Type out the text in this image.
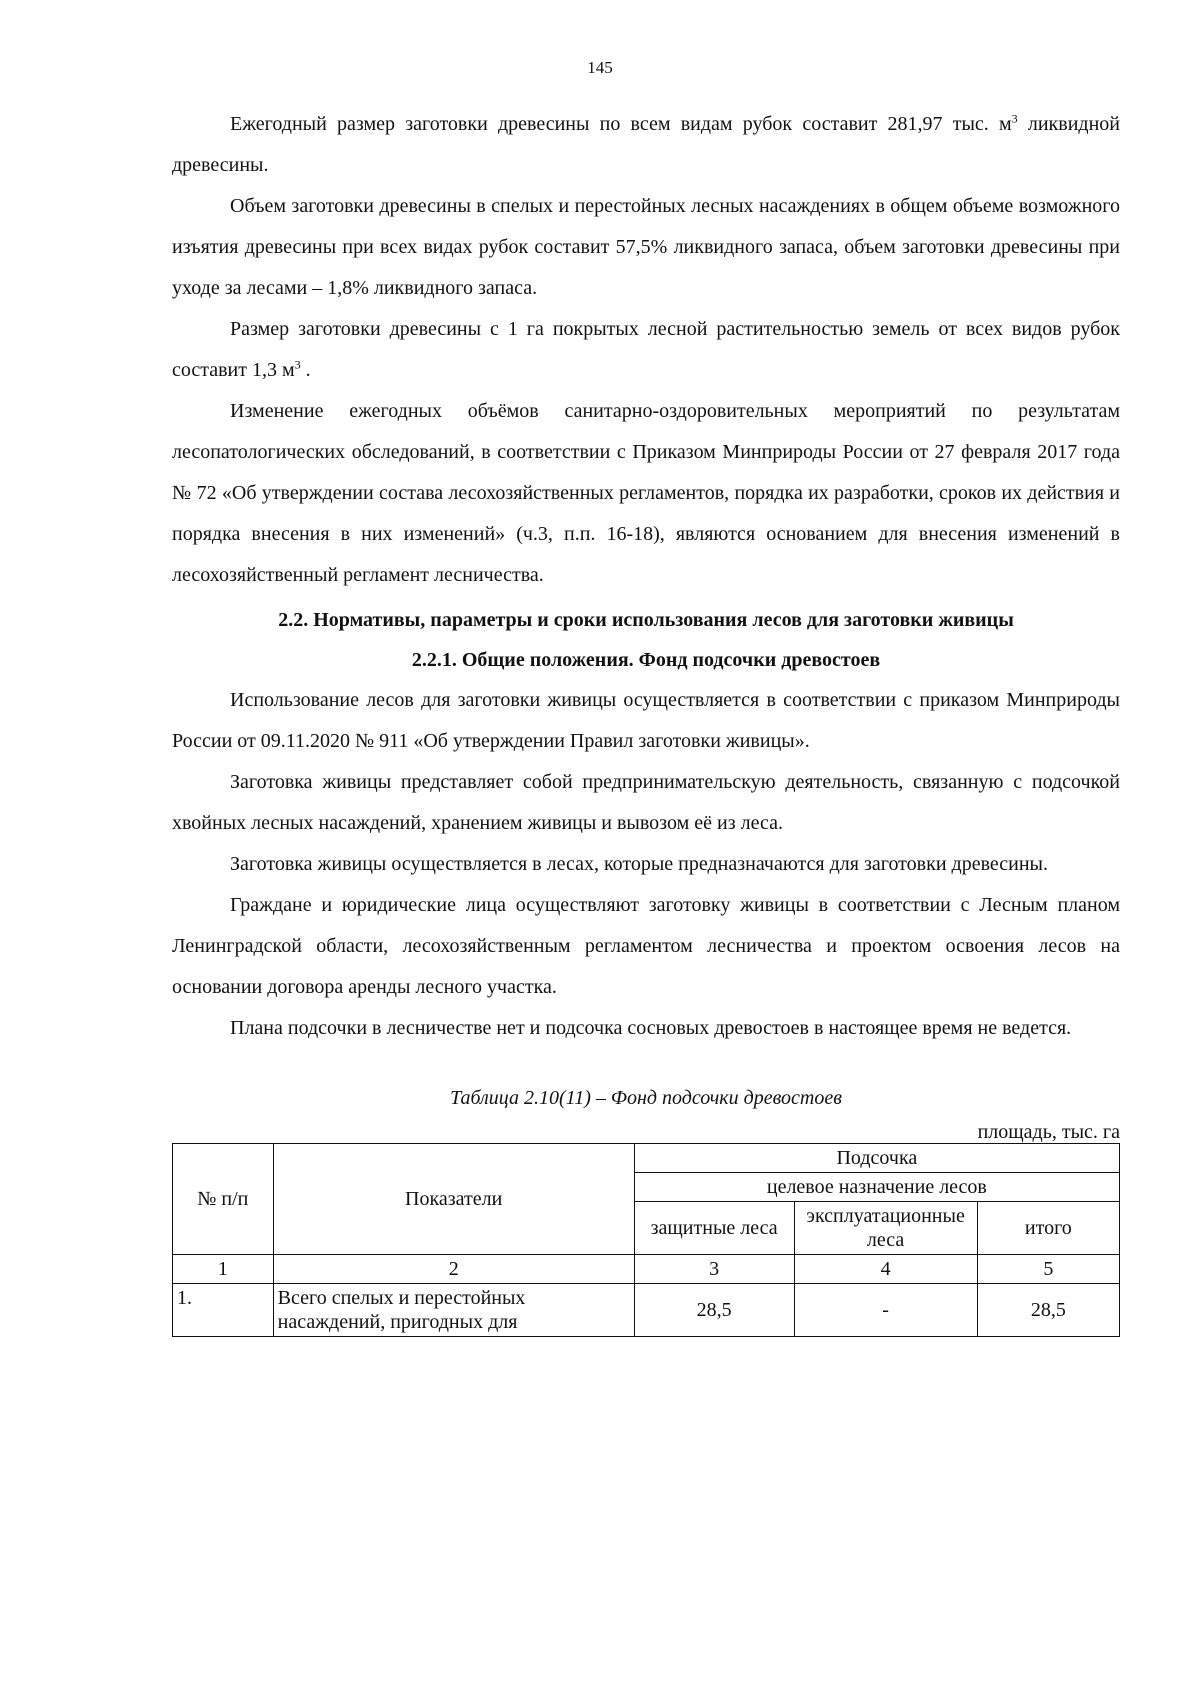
145

Ежегодный размер заготовки древесины по всем видам рубок составит 281,97 тыс. $м^3$ ликвидной древесины.

Объем заготовки древесины в спелых и перестойных лесных насаждениях в общем объеме возможного изъятия древесины при всех видах рубок составит 57,5% ликвидного запаса, объем заготовки древесины при уходе за лесами – 1,8% ликвидного запаса.

Размер заготовки древесины с 1 га покрытых лесной растительностью земель от всех видов рубок составит 1,3 $м^3$ .

Изменение ежегодных объёмов санитарно-оздоровительных мероприятий по результатам лесопатологических обследований, в соответствии с Приказом Минприроды России от 27 февраля 2017 года № 72 «Об утверждении состава лесохозяйственных регламентов, порядка их разработки, сроков их действия и порядка внесения в них изменений» (ч.3, п.п. 16-18), являются основанием для внесения изменений в лесохозяйственный регламент лесничества.

2.2. Нормативы, параметры и сроки использования лесов для заготовки живицы
2.2.1. Общие положения. Фонд подсочки древостоев

Использование лесов для заготовки живицы осуществляется в соответствии с приказом Минприроды России от 09.11.2020 № 911 «Об утверждении Правил заготовки живицы».

Заготовка живицы представляет собой предпринимательскую деятельность, связанную с подсочкой хвойных лесных насаждений, хранением живицы и вывозом её из леса.

Заготовка живицы осуществляется в лесах, которые предназначаются для заготовки древесины.

Граждане и юридические лица осуществляют заготовку живицы в соответствии с Лесным планом Ленинградской области, лесохозяйственным регламентом лесничества и проектом освоения лесов на основании договора аренды лесного участка.

Плана подсочки в лесничестве нет и подсочка сосновых древостоев в настоящее время не ведется.

Таблица 2.10(11) – Фонд подсочки древостоев
площадь, тыс. га
№ п/п	Показатели	Подсочка		
		целевое назначение лесов		
		защитные леса	эксплуатационные леса	итого
1	2	3	4	5
1.	Всего спелых и перестойных насаждений, пригодных для	28,5	-	28,5
